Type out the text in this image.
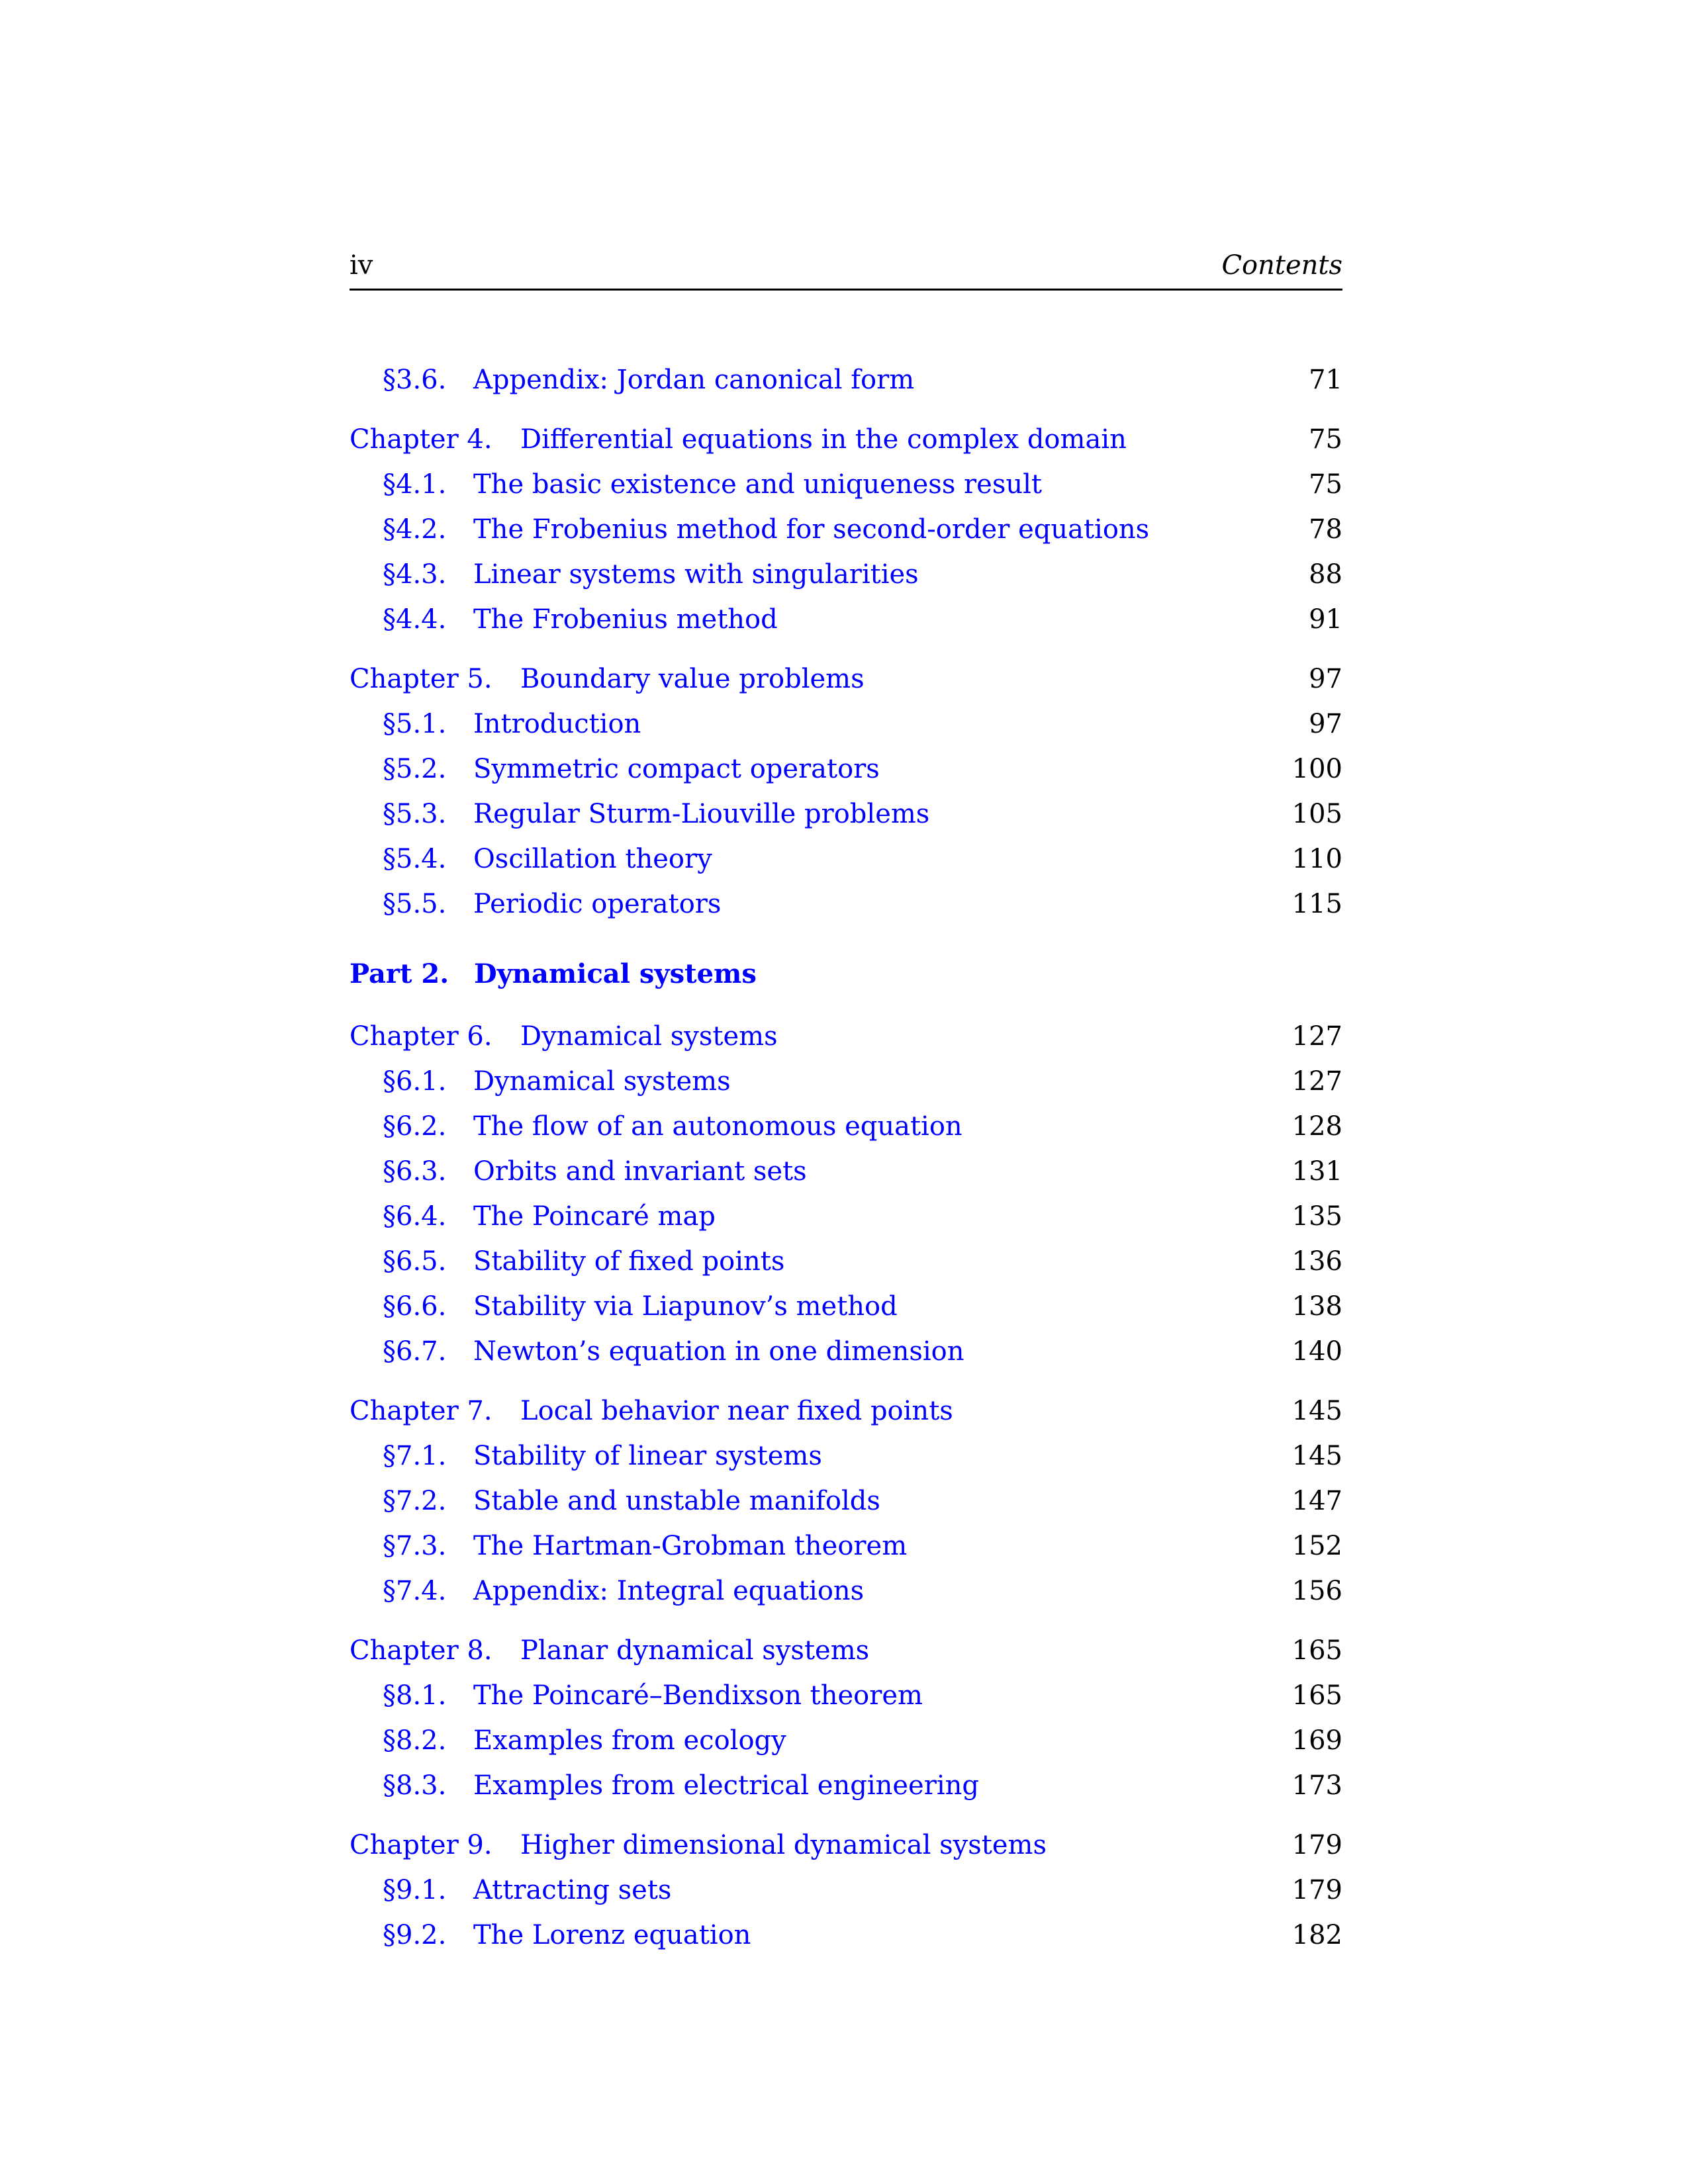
iv	Contents
§3.6. Appendix: Jordan canonical form	71
Chapter 4. Differential equations in the complex domain	75
§4.1. The basic existence and uniqueness result	75
§4.2. The Frobenius method for second-order equations	78
§4.3. Linear systems with singularities	88
§4.4. The Frobenius method	91
Chapter 5. Boundary value problems	97
§5.1. Introduction	97
§5.2. Symmetric compact operators	100
§5.3. Regular Sturm-Liouville problems	105
§5.4. Oscillation theory	110
§5.5. Periodic operators	115
Part 2. Dynamical systems
Chapter 6. Dynamical systems	127
§6.1. Dynamical systems	127
§6.2. The flow of an autonomous equation	128
§6.3. Orbits and invariant sets	131
§6.4. The Poincaré map	135
§6.5. Stability of fixed points	136
§6.6. Stability via Liapunov’s method	138
§6.7. Newton’s equation in one dimension	140
Chapter 7. Local behavior near fixed points	145
§7.1. Stability of linear systems	145
§7.2. Stable and unstable manifolds	147
§7.3. The Hartman-Grobman theorem	152
§7.4. Appendix: Integral equations	156
Chapter 8. Planar dynamical systems	165
§8.1. The Poincaré–Bendixson theorem	165
§8.2. Examples from ecology	169
§8.3. Examples from electrical engineering	173
Chapter 9. Higher dimensional dynamical systems	179
§9.1. Attracting sets	179
§9.2. The Lorenz equation	182
